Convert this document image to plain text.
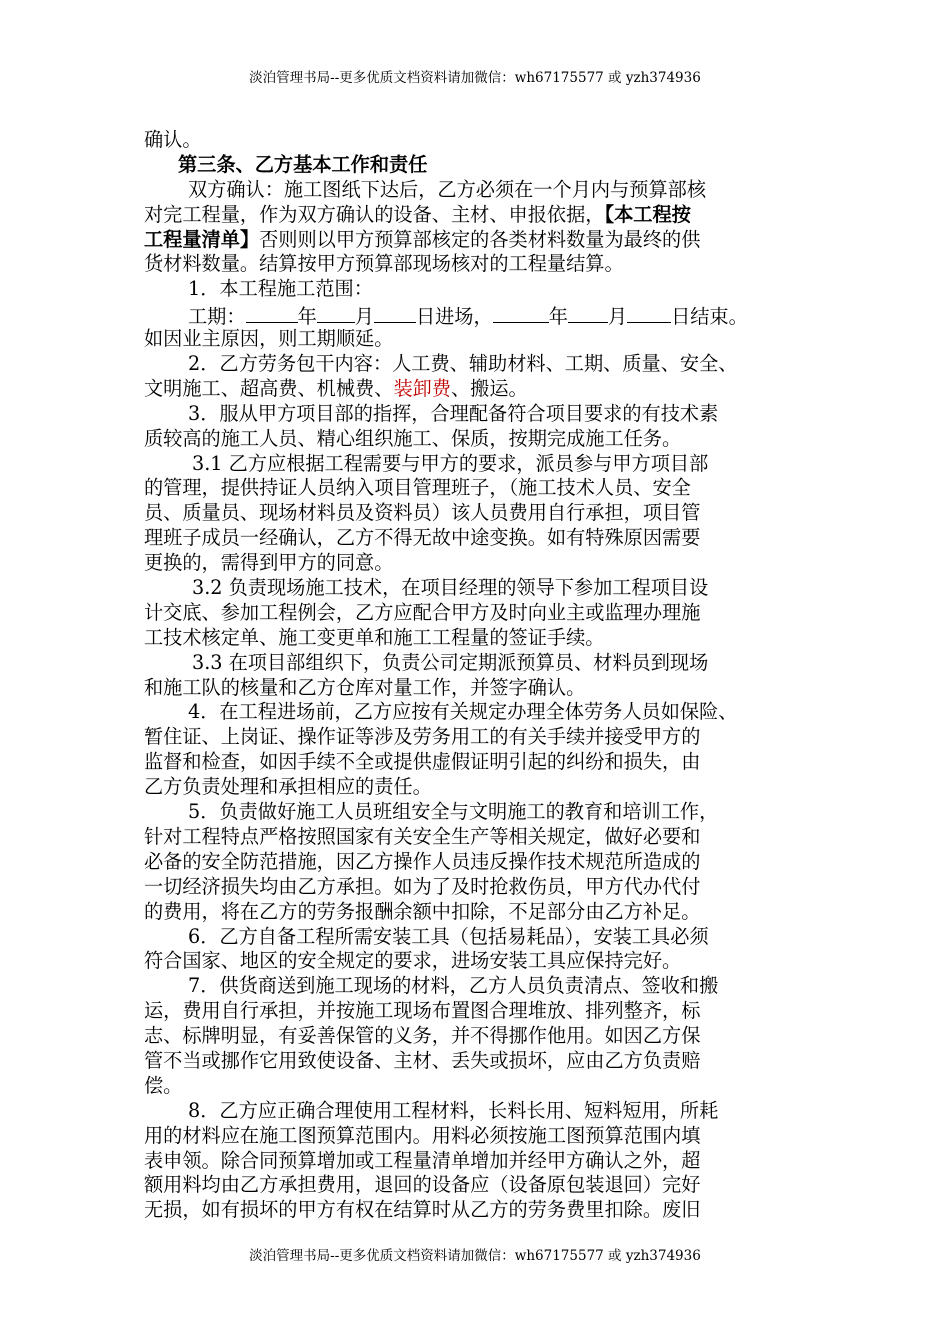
淡泊管理书局--更多优质文档资料请加微信：wh67175577 或 yzh374936
确认。
第三条、乙方基本工作和责任
双方确认：施工图纸下达后，乙方必须在一个月内与预算部核
对完工程量，作为双方确认的设备、主材、申报依据，【本工程按
工程量清单】否则则以甲方预算部核定的各类材料数量为最终的供
货材料数量。结算按甲方预算部现场核对的工程量结算。
1．本工程施工范围：
工期：	年 月 日进场，	年 月 日结束。
如因业主原因，则工期顺延。
2．乙方劳务包干内容：人工费、辅助材料、工期、质量、安全、
文明施工、超高费、机械费、装卸费、搬运。
3．服从甲方项目部的指挥，合理配备符合项目要求的有技术素
质较高的施工人员、精心组织施工、保质，按期完成施工任务。
3.1 乙方应根据工程需要与甲方的要求，派员参与甲方项目部
的管理，提供持证人员纳入项目管理班子，（施工技术人员、安全
员、质量员、现场材料员及资料员）该人员费用自行承担，项目管
理班子成员一经确认，乙方不得无故中途变换。如有特殊原因需要
更换的，需得到甲方的同意。
3.2 负责现场施工技术，在项目经理的领导下参加工程项目设
计交底、参加工程例会，乙方应配合甲方及时向业主或监理办理施
工技术核定单、施工变更单和施工工程量的签证手续。
3.3 在项目部组织下，负责公司定期派预算员、材料员到现场
和施工队的核量和乙方仓库对量工作，并签字确认。
4．在工程进场前，乙方应按有关规定办理全体劳务人员如保险、
暂住证、上岗证、操作证等涉及劳务用工的有关手续并接受甲方的
监督和检查，如因手续不全或提供虚假证明引起的纠纷和损失，由
乙方负责处理和承担相应的责任。
5．负责做好施工人员班组安全与文明施工的教育和培训工作，
针对工程特点严格按照国家有关安全生产等相关规定，做好必要和
必备的安全防范措施，因乙方操作人员违反操作技术规范所造成的
一切经济损失均由乙方承担。如为了及时抢救伤员，甲方代办代付
的费用，将在乙方的劳务报酬余额中扣除，不足部分由乙方补足。
6．乙方自备工程所需安装工具（包括易耗品），安装工具必须
符合国家、地区的安全规定的要求，进场安装工具应保持完好。
7．供货商送到施工现场的材料，乙方人员负责清点、签收和搬
运，费用自行承担，并按施工现场布置图合理堆放、排列整齐，标
志、标牌明显，有妥善保管的义务，并不得挪作他用。如因乙方保
管不当或挪作它用致使设备、主材、丢失或损坏，应由乙方负责赔
偿。
8．乙方应正确合理使用工程材料，长料长用、短料短用，所耗
用的材料应在施工图预算范围内。用料必须按施工图预算范围内填
表申领。除合同预算增加或工程量清单增加并经甲方确认之外，超
额用料均由乙方承担费用，退回的设备应（设备原包装退回）完好
无损，如有损坏的甲方有权在结算时从乙方的劳务费里扣除。废旧
淡泊管理书局--更多优质文档资料请加微信：wh67175577 或 yzh374936
